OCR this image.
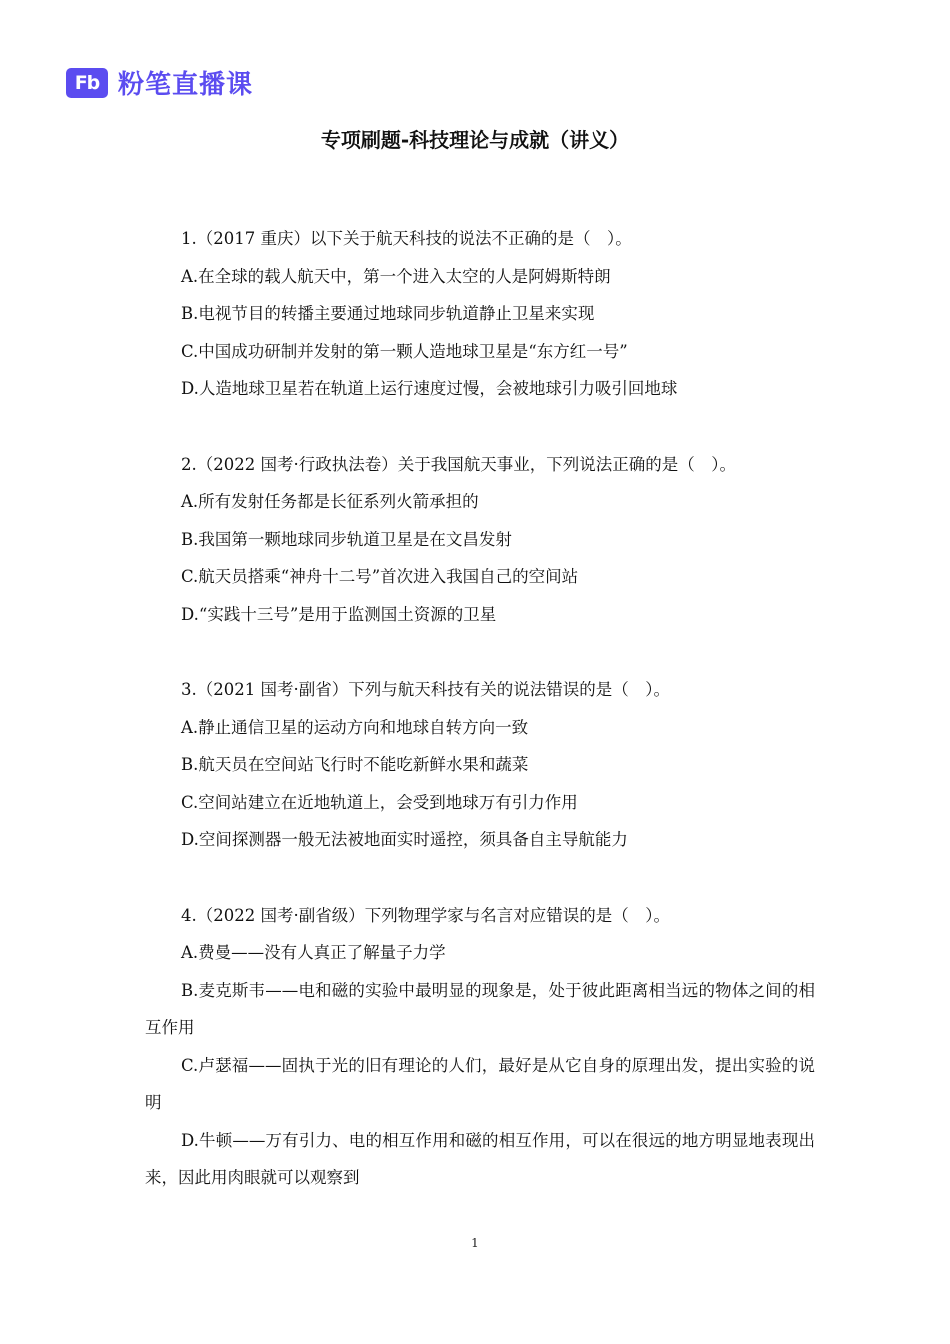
Fb 粉笔直播课
专项刷题-科技理论与成就（讲义）
1.（2017 重庆）以下关于航天科技的说法不正确的是（　）。
A.在全球的载人航天中，第一个进入太空的人是阿姆斯特朗
B.电视节目的转播主要通过地球同步轨道静止卫星来实现
C.中国成功研制并发射的第一颗人造地球卫星是“东方红一号”
D.人造地球卫星若在轨道上运行速度过慢，会被地球引力吸引回地球
2.（2022 国考·行政执法卷）关于我国航天事业，下列说法正确的是（　）。
A.所有发射任务都是长征系列火箭承担的
B.我国第一颗地球同步轨道卫星是在文昌发射
C.航天员搭乘“神舟十二号”首次进入我国自己的空间站
D.“实践十三号”是用于监测国土资源的卫星
3.（2021 国考·副省）下列与航天科技有关的说法错误的是（　）。
A.静止通信卫星的运动方向和地球自转方向一致
B.航天员在空间站飞行时不能吃新鲜水果和蔬菜
C.空间站建立在近地轨道上，会受到地球万有引力作用
D.空间探测器一般无法被地面实时遥控，须具备自主导航能力
4.（2022 国考·副省级）下列物理学家与名言对应错误的是（　）。
A.费曼——没有人真正了解量子力学
B.麦克斯韦——电和磁的实验中最明显的现象是，处于彼此距离相当远的物体之间的相互作用
C.卢瑟福——固执于光的旧有理论的人们，最好是从它自身的原理出发，提出实验的说明
D.牛顿——万有引力、电的相互作用和磁的相互作用，可以在很远的地方明显地表现出来，因此用肉眼就可以观察到
1
